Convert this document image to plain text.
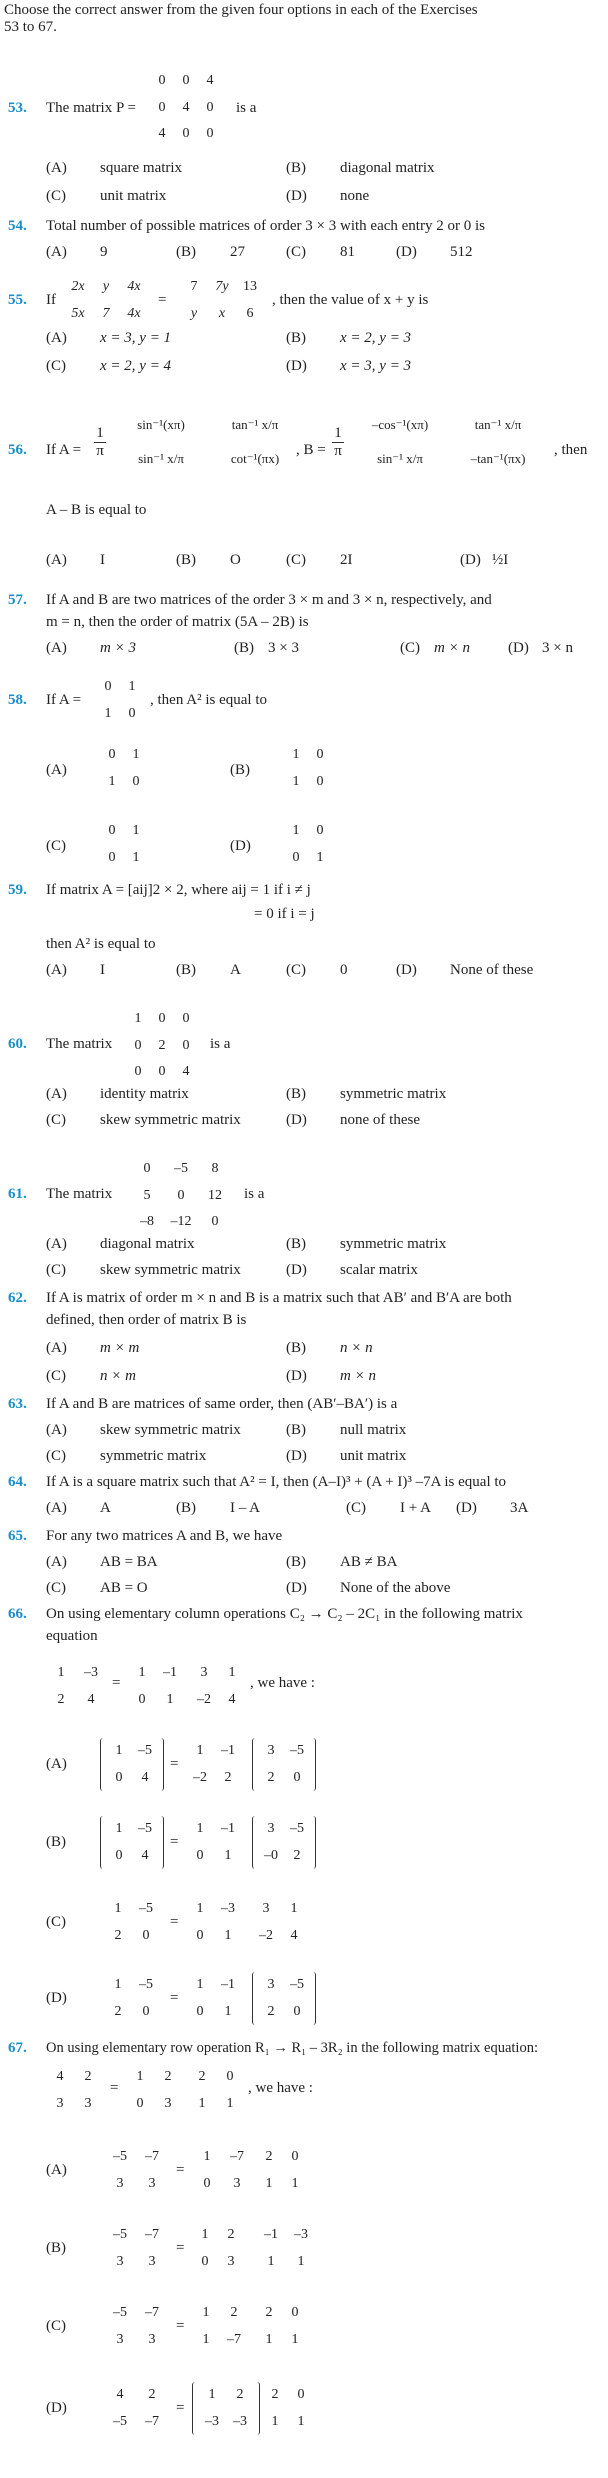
Choose the correct answer from the given four options in each of the Exercises
53 to 67.
53. The matrix P =
0	0	4
0	4	0
4	0	0
is a
(A) square matrix	(B) diagonal matrix
(C) unit matrix	(D) none
54. Total number of possible matrices of order 3 × 3 with each entry 2 or 0 is
(A) 9	(B) 27	(C) 81	(D) 512
55. If
2x	y	4x
5x	7	4x
=
7	7y	13
y	x	6
, then the value of x + y is
(A) x = 3, y = 1	(B) x = 2, y = 3
(C) x = 2, y = 4	(D) x = 3, y = 3
56. If A =
1
π
sin⁻¹(xπ)	tan⁻¹ x/π
sin⁻¹ x/π	cot⁻¹(πx)
, B =
1
π
–cos⁻¹(xπ)	tan⁻¹ x/π
sin⁻¹ x/π	–tan⁻¹(πx)
, then
A – B is equal to
(A) I	(B) O	(C) 2I	(D) ½I
57. If A and B are two matrices of the order 3 × m and 3 × n, respectively, and
m = n, then the order of matrix (5A – 2B) is
(A) m × 3	(B) 3 × 3	(C) m × n	(D) 3 × n
58. If A =
0	1
1	0
, then A² is equal to
(A)
0	1
1	0
(B)
1	0
1	0
(C)
0	1
0	1
(D)
1	0
0	1
59. If matrix A = [aij]2 × 2, where aij = 1 if i ≠ j
= 0 if i = j
then A² is equal to
(A) I	(B) A	(C) 0	(D) None of these
60. The matrix
1	0	0
0	2	0
0	0	4
is a
(A) identity matrix	(B) symmetric matrix
(C) skew symmetric matrix	(D) none of these
61. The matrix
0	–5	8
5	0	12
–8	–12	0
is a
(A) diagonal matrix	(B) symmetric matrix
(C) skew symmetric matrix	(D) scalar matrix
62. If A is matrix of order m × n and B is a matrix such that AB′ and B′A are both
defined, then order of matrix B is
(A) m × m	(B) n × n
(C) n × m	(D) m × n
63. If A and B are matrices of same order, then (AB′–BA′) is a
(A) skew symmetric matrix	(B) null matrix
(C) symmetric matrix	(D) unit matrix
64. If A is a square matrix such that A² = I, then (A–I)³ + (A + I)³ –7A is equal to
(A) A	(B) I – A	(C) I + A (D) 3A
65. For any two matrices A and B, we have
(A) AB = BA	(B) AB ≠ BA
(C) AB = O	(D) None of the above
66. On using elementary column operations C₂ → C₂ – 2C₁ in the following matrix
equation
1	–3
2	4
=
1	–1
0	1
3	1
–2	4
, we have :
(A)
1	–5
0	4
=
1	–1
–2	2
3	–5
2	0
(B)
1	–5
0	4
=
1	–1
0	1
3	–5
–0	2
(C)
1	–5
2	0
=
1	–3
0	1
3	1
–2	4
(D)
1	–5
2	0
=
1	–1
0	1
3	–5
2	0
67. On using elementary row operation R₁ → R₁ – 3R₂ in the following matrix equation:
4	2
3	3
=
1	2
0	3
2	0
1	1
, we have :
(A)
–5	–7
3	3
=
1	–7
0	3
2	0
1	1
(B)
–5	–7
3	3
=
1	2
0	3
–1	–3
1	1
(C)
–5	–7
3	3
=
1	2
1	–7
2	0
1	1
(D)
4	2
–5	–7
=
1	2
–3	–3
2	0
1	1
